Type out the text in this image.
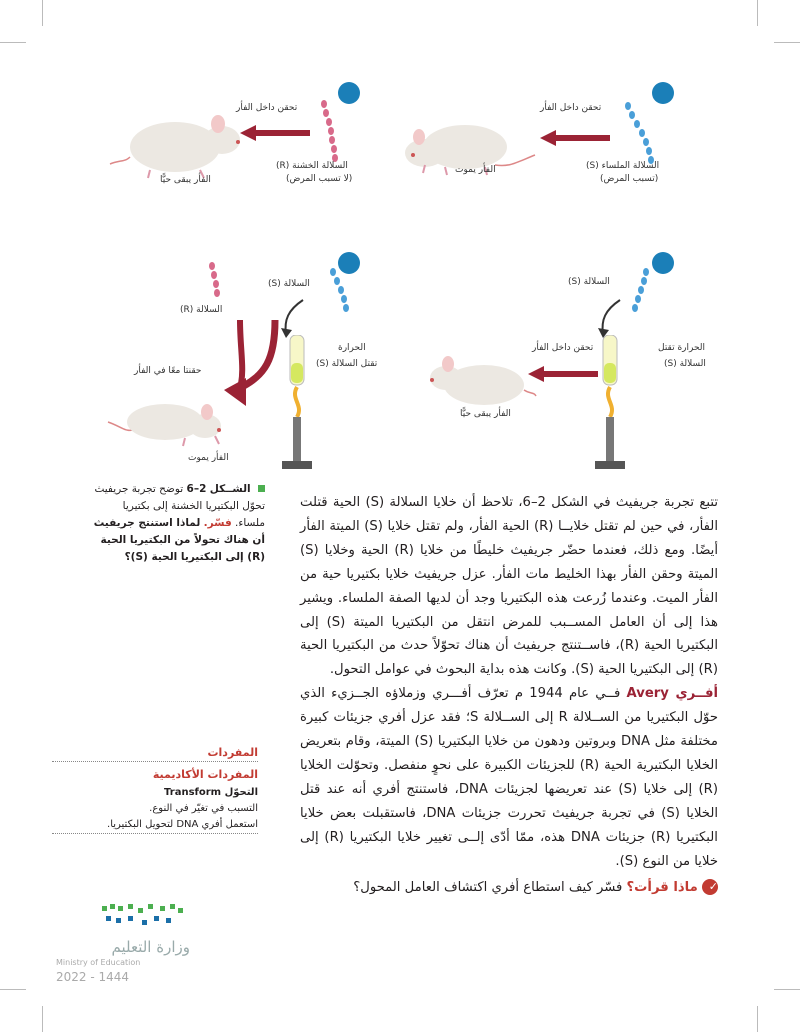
تحقن داخل الفأر
السلالة الملساء (S)
(تسبب المرض)
الفأر يموت
تحقن داخل الفأر
السلالة الخشنة (R)
(لا تسبب المرض)
الفأر يبقى حيًّا
السلالة (S)
الحرارة تقتل
السلالة (S)
تحقن داخل الفأر
الفأر يبقى حيًّا
السلالة (S)
السلالة (R)
الحرارة
تقتل السلالة (S)
حقنتا معًا في الفأر
الفأر يموت
الشــكل 2–6 توضح تجربة جريفيث تحوّل البكتيريا الخشنة إلى بكتيريا ملساء. فسّر. لماذا استنتج جريفيث أن هناك تحولاً من البكتيريا الحية (R) إلى البكتيريا الحية (S)؟

تتبع تجربة جريفيث في الشكل 2–6، تلاحظ أن خلايا السلالة (S) الحية قتلت الفأر، في حين لم تقتل خلايــا (R) الحية الفأر، ولم تقتل خلايا (S) الميتة الفأر أيضًا. ومع ذلك، فعندما حضّر جريفيث خليطًا من خلايا (R) الحية وخلايا (S) الميتة وحقن الفأر بهذا الخليط مات الفأر. عزل جريفيث خلايا بكتيريا حية من الفأر الميت. وعندما زُرعت هذه البكتيريا وجد أن لديها الصفة الملساء. ويشير هذا إلى أن العامل المســبب للمرض انتقل من البكتيريا الميتة (S) إلى البكتيريا الحية (R)، فاســتنتج جريفيث أن هناك تحوّلاً حدث من البكتيريا الحية (R) إلى البكتيريا الحية (S). وكانت هذه بداية البحوث في عوامل التحول.

أفــري Avery فــي عام 1944 م تعرّف أفـــري وزملاؤه الجــزيء الذي حوّل البكتيريا من الســلالة R إلى الســلالة S؛ فقد عزل أفري جزيئات كبيرة مختلفة مثل DNA وبروتين ودهون من خلايا البكتيريا (S) الميتة، وقام بتعريض الخلايا البكتيرية الحية (R) للجزيئات الكبيرة على نحوٍ منفصل. وتحوّلت الخلايا (R) إلى خلايا (S) عند تعريضها لجزيئات DNA، فاستنتج أفري أنه عند قتل الخلايا (S) في تجربة جريفيث تحررت جزيئات DNA، فاستقبلت بعض خلايا البكتيريا (R) جزيئات DNA هذه، ممّا أدّى إلــى تغيير خلايا البكتيريا (R) إلى خلايا من النوع (S).

✓ ماذا قرأت؟ فسّر كيف استطاع أفري اكتشاف العامل المحول؟

المفردات
المفردات الأكاديمية
التحوّل Transform
التسبب في تغيّر في النوع.
استعمل أفري DNA لتحويل البكتيريا.
وزارة التعليم
Ministry of Education
2022 - 1444
